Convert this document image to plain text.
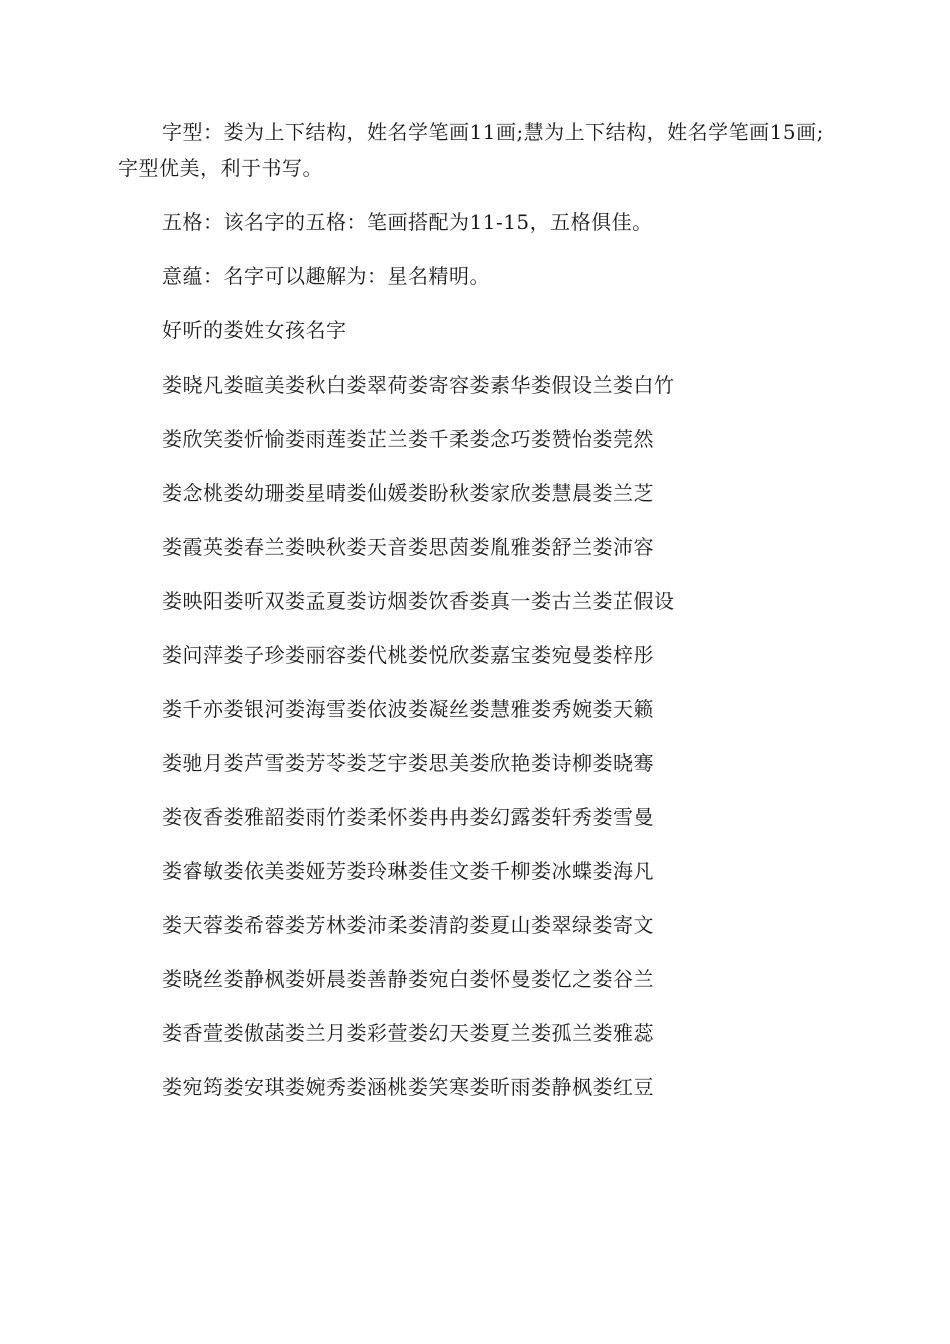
字型：娄为上下结构，姓名学笔画11画;慧为上下结构，姓名学笔画15画;字型优美，利于书写。

五格：该名字的五格：笔画搭配为11-15，五格俱佳。

意蕴：名字可以趣解为：星名精明。

好听的娄姓女孩名字

娄晓凡娄暄美娄秋白娄翠荷娄寄容娄素华娄假设兰娄白竹

娄欣笑娄忻愉娄雨莲娄芷兰娄千柔娄念巧娄赞怡娄莞然

娄念桃娄幼珊娄星晴娄仙媛娄盼秋娄家欣娄慧晨娄兰芝

娄霞英娄春兰娄映秋娄天音娄思茵娄胤雅娄舒兰娄沛容

娄映阳娄听双娄孟夏娄访烟娄饮香娄真一娄古兰娄芷假设

娄问萍娄子珍娄丽容娄代桃娄悦欣娄嘉宝娄宛曼娄梓彤

娄千亦娄银河娄海雪娄依波娄凝丝娄慧雅娄秀婉娄天籁

娄驰月娄芦雪娄芳苓娄芝宇娄思美娄欣艳娄诗柳娄晓骞

娄夜香娄雅韶娄雨竹娄柔怀娄冉冉娄幻露娄轩秀娄雪曼

娄睿敏娄依美娄娅芳娄玲琳娄佳文娄千柳娄冰蝶娄海凡

娄天蓉娄希蓉娄芳林娄沛柔娄清韵娄夏山娄翠绿娄寄文

娄晓丝娄静枫娄妍晨娄善静娄宛白娄怀曼娄忆之娄谷兰

娄香萱娄傲菡娄兰月娄彩萱娄幻天娄夏兰娄孤兰娄雅蕊

娄宛筠娄安琪娄婉秀娄涵桃娄笑寒娄昕雨娄静枫娄红豆
